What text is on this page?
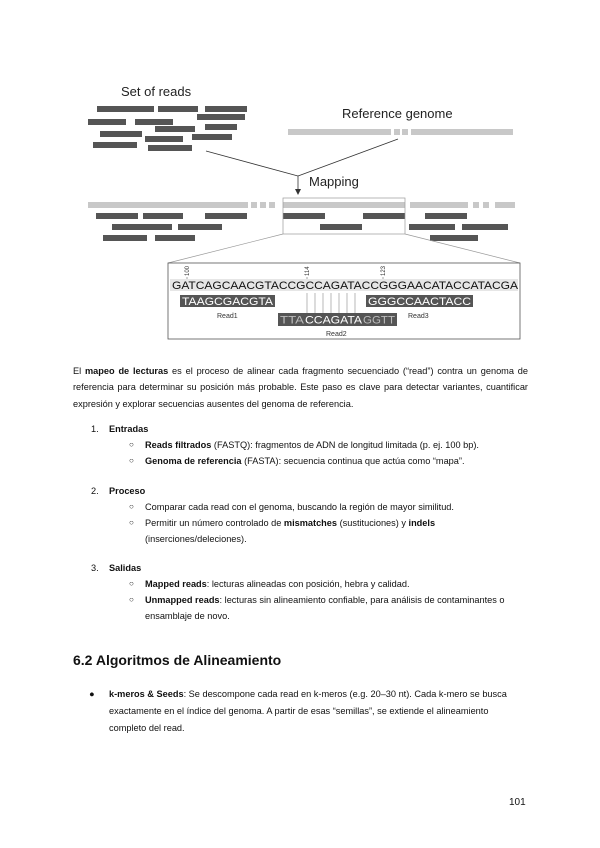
Set of reads
Reference genome
Mapping
100	114	123
GATCAGCAACGTACCGCCAGATACCGGGAACATACCATACGA
TAAGCGACGTA
Read1	TTA CCAGATA GGTT
Read2
GGGCCAACTACC
Read3
El mapeo de lecturas es el proceso de alinear cada fragmento secuenciado (“read”) contra un genoma de referencia para determinar su posición más probable. Este paso es clave para detectar variantes, cuantificar expresión y explorar secuencias ausentes del genoma de referencia.
1. Entradas
○ Reads filtrados (FASTQ): fragmentos de ADN de longitud limitada (p. ej. 100 bp).
○ Genoma de referencia (FASTA): secuencia continua que actúa como “mapa”.
2. Proceso
○ Comparar cada read con el genoma, buscando la región de mayor similitud.
○ Permitir un número controlado de mismatches (sustituciones) y indels (inserciones/deleciones).
3. Salidas
○ Mapped reads: lecturas alineadas con posición, hebra y calidad.
○ Unmapped reads: lecturas sin alineamiento confiable, para análisis de contaminantes o ensamblaje de novo.
6.2 Algoritmos de Alineamiento
● k-meros & Seeds: Se descompone cada read en k-meros (e.g. 20–30 nt). Cada k-mero se busca exactamente en el índice del genoma. A partir de esas “semillas”, se extiende el alineamiento completo del read.
101
